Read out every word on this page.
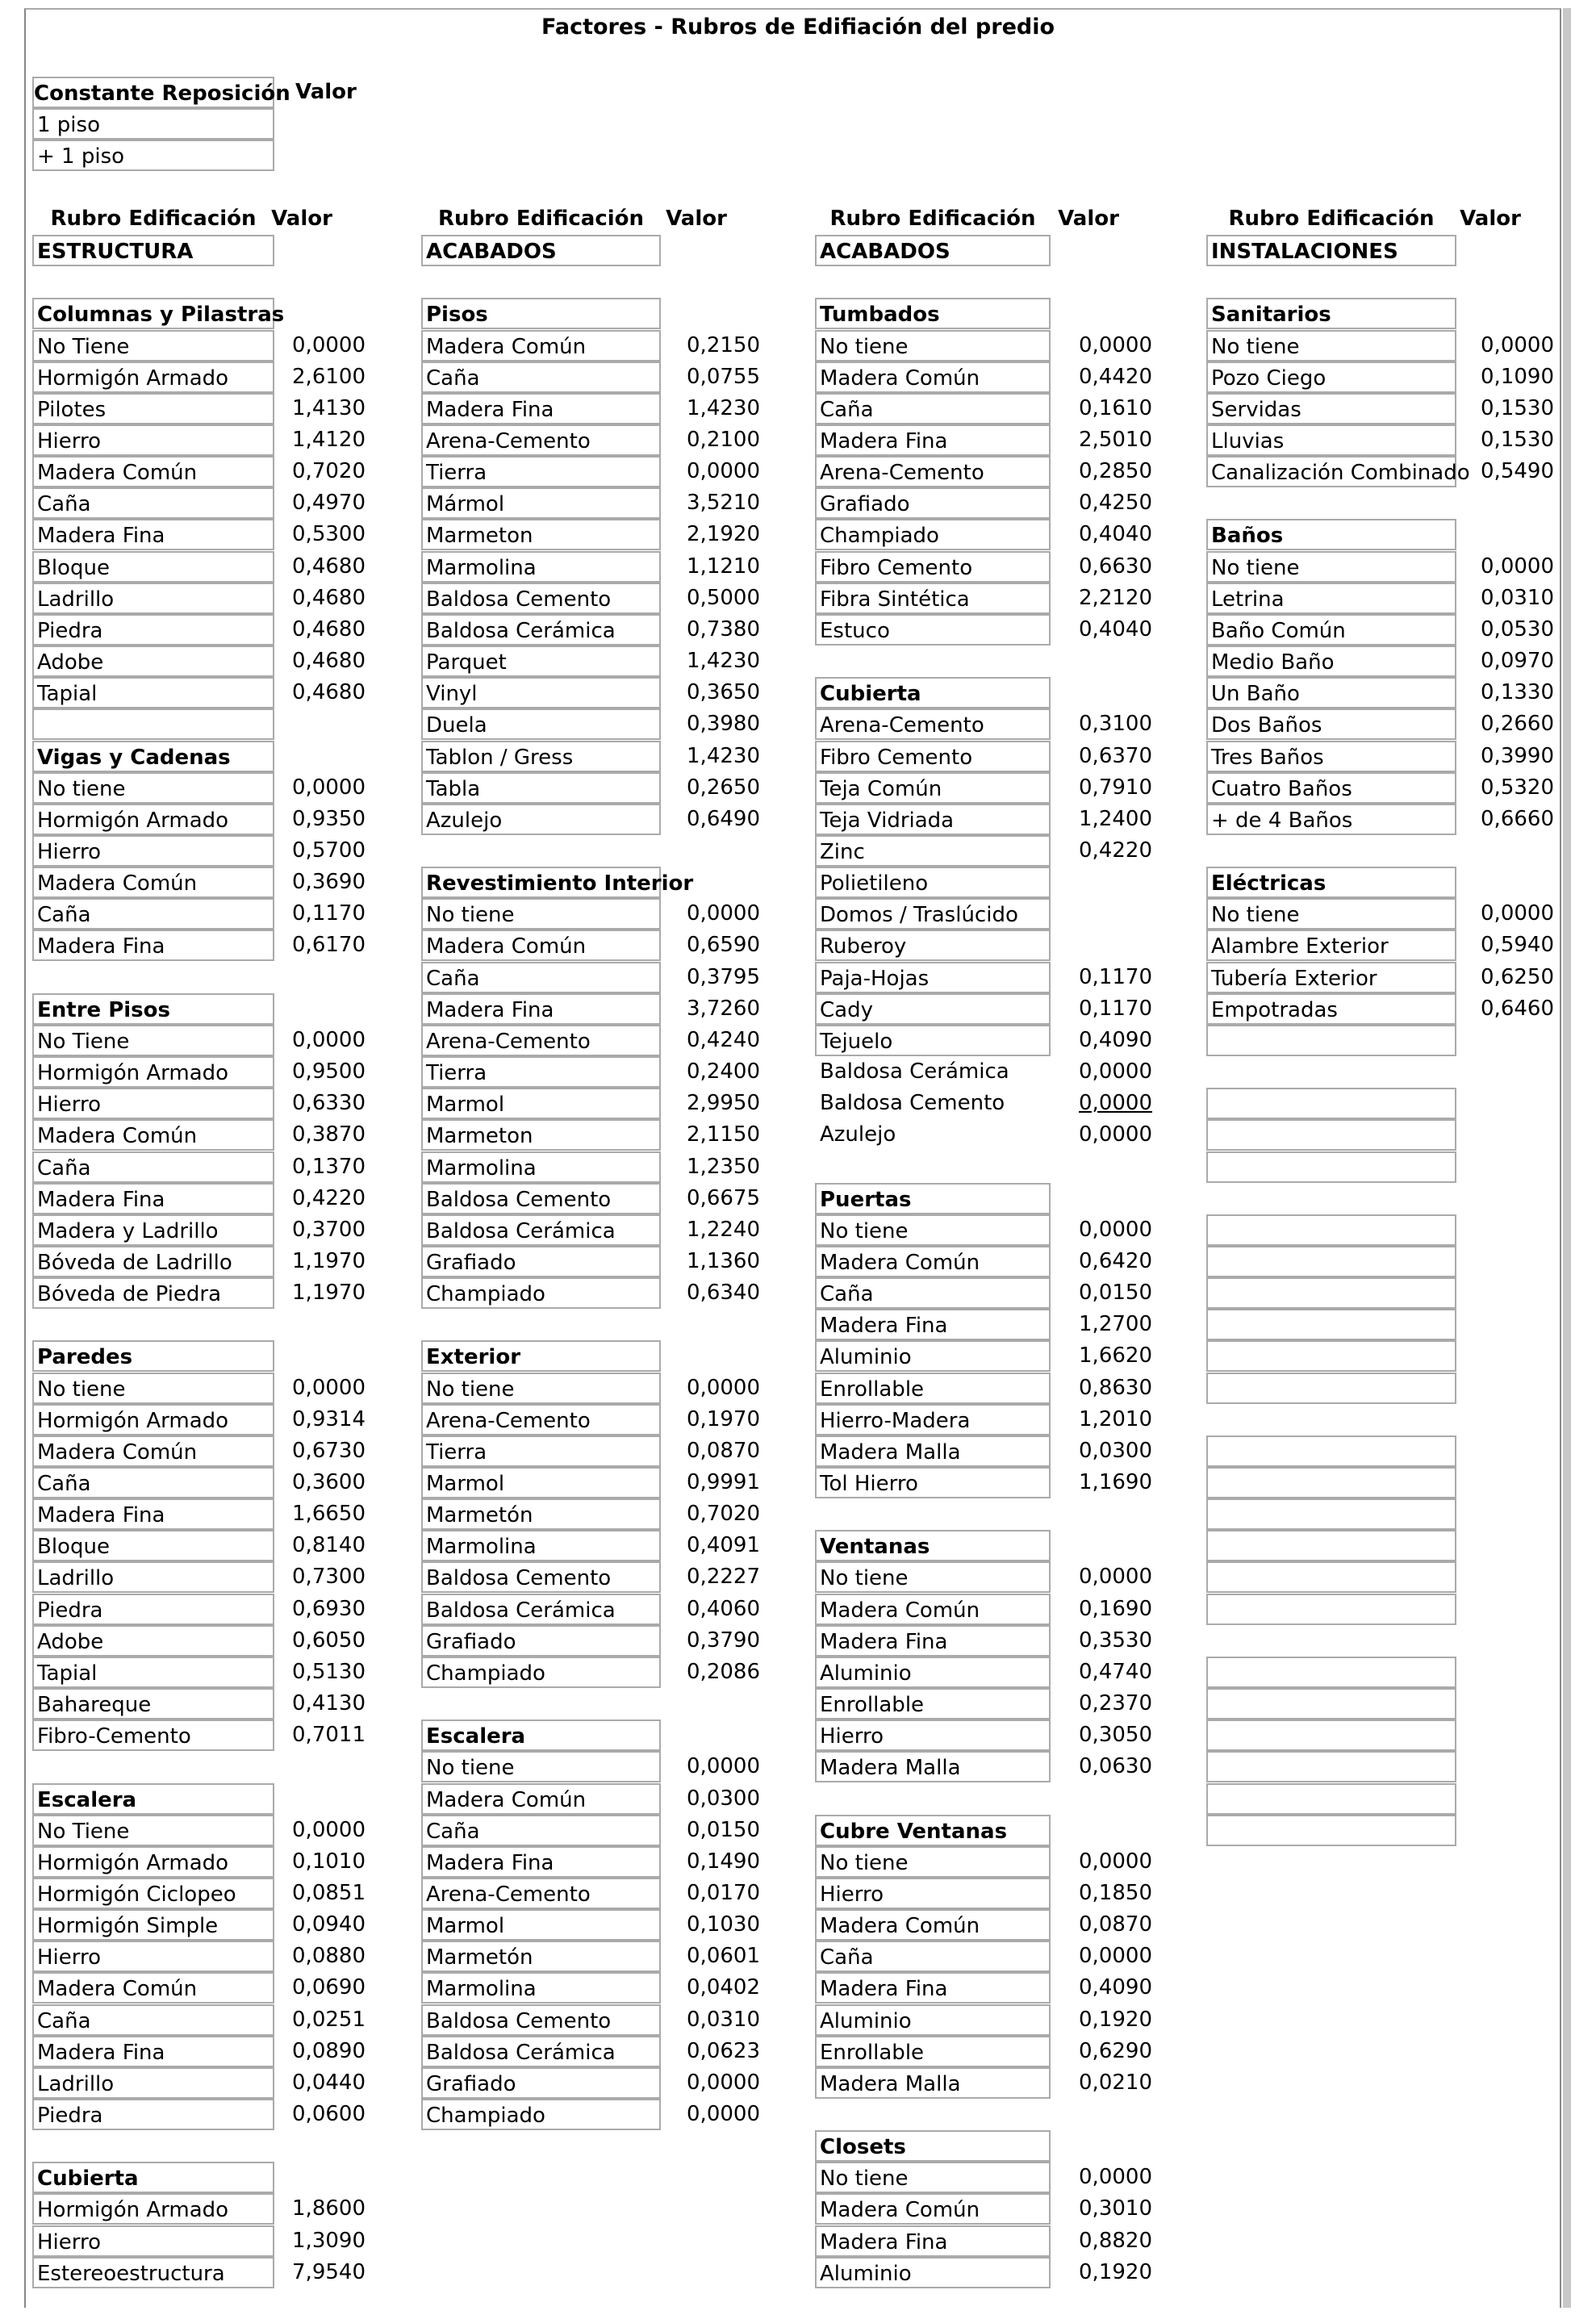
Factores - Rubros de Edifiación del predio
Constante Reposición Valor
1 piso
+ 1 piso
Rubro Edificación Valor
ESTRUCTURA
Columnas y Pilastras
No Tiene	0,0000
Hormigón Armado	2,6100
Pilotes	1,4130
Hierro	1,4120
Madera Común	0,7020
Caña	0,4970
Madera Fina	0,5300
Bloque	0,4680
Ladrillo	0,4680
Piedra	0,4680
Adobe	0,4680
Tapial	0,4680
Vigas y Cadenas
No tiene	0,0000
Hormigón Armado	0,9350
Hierro	0,5700
Madera Común	0,3690
Caña	0,1170
Madera Fina	0,6170
Entre Pisos
No Tiene	0,0000
Hormigón Armado	0,9500
Hierro	0,6330
Madera Común	0,3870
Caña	0,1370
Madera Fina	0,4220
Madera y Ladrillo	0,3700
Bóveda de Ladrillo	1,1970
Bóveda de Piedra	1,1970
Paredes
No tiene	0,0000
Hormigón Armado	0,9314
Madera Común	0,6730
Caña	0,3600
Madera Fina	1,6650
Bloque	0,8140
Ladrillo	0,7300
Piedra	0,6930
Adobe	0,6050
Tapial	0,5130
Bahareque	0,4130
Fibro-Cemento	0,7011
Escalera
No Tiene	0,0000
Hormigón Armado	0,1010
Hormigón Ciclopeo	0,0851
Hormigón Simple	0,0940
Hierro	0,0880
Madera Común	0,0690
Caña	0,0251
Madera Fina	0,0890
Ladrillo	0,0440
Piedra	0,0600
Cubierta
Hormigón Armado	1,8600
Hierro	1,3090
Estereoestructura	7,9540
Rubro Edificación	Valor
ACABADOS
Pisos
Madera Común	0,2150
Caña	0,0755
Madera Fina	1,4230
Arena-Cemento	0,2100
Tierra	0,0000
Mármol	3,5210
Marmeton	2,1920
Marmolina	1,1210
Baldosa Cemento	0,5000
Baldosa Cerámica	0,7380
Parquet	1,4230
Vinyl	0,3650
Duela	0,3980
Tablon / Gress	1,4230
Tabla	0,2650
Azulejo	0,6490
Revestimiento Interior
No tiene	0,0000
Madera Común	0,6590
Caña	0,3795
Madera Fina	3,7260
Arena-Cemento	0,4240
Tierra	0,2400
Marmol	2,9950
Marmeton	2,1150
Marmolina	1,2350
Baldosa Cemento	0,6675
Baldosa Cerámica	1,2240
Grafiado	1,1360
Champiado	0,6340
Exterior
No tiene	0,0000
Arena-Cemento	0,1970
Tierra	0,0870
Marmol	0,9991
Marmetón	0,7020
Marmolina	0,4091
Baldosa Cemento	0,2227
Baldosa Cerámica	0,4060
Grafiado	0,3790
Champiado	0,2086
Escalera
No tiene	0,0000
Madera Común	0,0300
Caña	0,0150
Madera Fina	0,1490
Arena-Cemento	0,0170
Marmol	0,1030
Marmetón	0,0601
Marmolina	0,0402
Baldosa Cemento	0,0310
Baldosa Cerámica	0,0623
Grafiado	0,0000
Champiado	0,0000
Rubro Edificación	Valor
ACABADOS
Tumbados
No tiene	0,0000
Madera Común	0,4420
Caña	0,1610
Madera Fina	2,5010
Arena-Cemento	0,2850
Grafiado	0,4250
Champiado	0,4040
Fibro Cemento	0,6630
Fibra Sintética	2,2120
Estuco	0,4040
Cubierta
Arena-Cemento	0,3100
Fibro Cemento	0,6370
Teja Común	0,7910
Teja Vidriada	1,2400
Zinc	0,4220
Polietileno
Domos / Traslúcido
Ruberoy
Paja-Hojas	0,1170
Cady	0,1170
Tejuelo	0,4090
Baldosa Cerámica	0,0000
Baldosa Cemento	0,0000
Azulejo	0,0000
Puertas
No tiene	0,0000
Madera Común	0,6420
Caña	0,0150
Madera Fina	1,2700
Aluminio	1,6620
Enrollable	0,8630
Hierro-Madera	1,2010
Madera Malla	0,0300
Tol Hierro	1,1690
Ventanas
No tiene	0,0000
Madera Común	0,1690
Madera Fina	0,3530
Aluminio	0,4740
Enrollable	0,2370
Hierro	0,3050
Madera Malla	0,0630
Cubre Ventanas
No tiene	0,0000
Hierro	0,1850
Madera Común	0,0870
Caña	0,0000
Madera Fina	0,4090
Aluminio	0,1920
Enrollable	0,6290
Madera Malla	0,0210
Closets
No tiene	0,0000
Madera Común	0,3010
Madera Fina	0,8820
Aluminio	0,1920
Rubro Edificación	Valor
INSTALACIONES
Sanitarios
No tiene	0,0000
Pozo Ciego	0,1090
Servidas	0,1530
Lluvias	0,1530
Canalización Combinado 0,5490
Baños
No tiene	0,0000
Letrina	0,0310
Baño Común	0,0530
Medio Baño	0,0970
Un Baño	0,1330
Dos Baños	0,2660
Tres Baños	0,3990
Cuatro Baños	0,5320
+ de 4 Baños	0,6660
Eléctricas
No tiene	0,0000
Alambre Exterior	0,5940
Tubería Exterior	0,6250
Empotradas	0,6460
